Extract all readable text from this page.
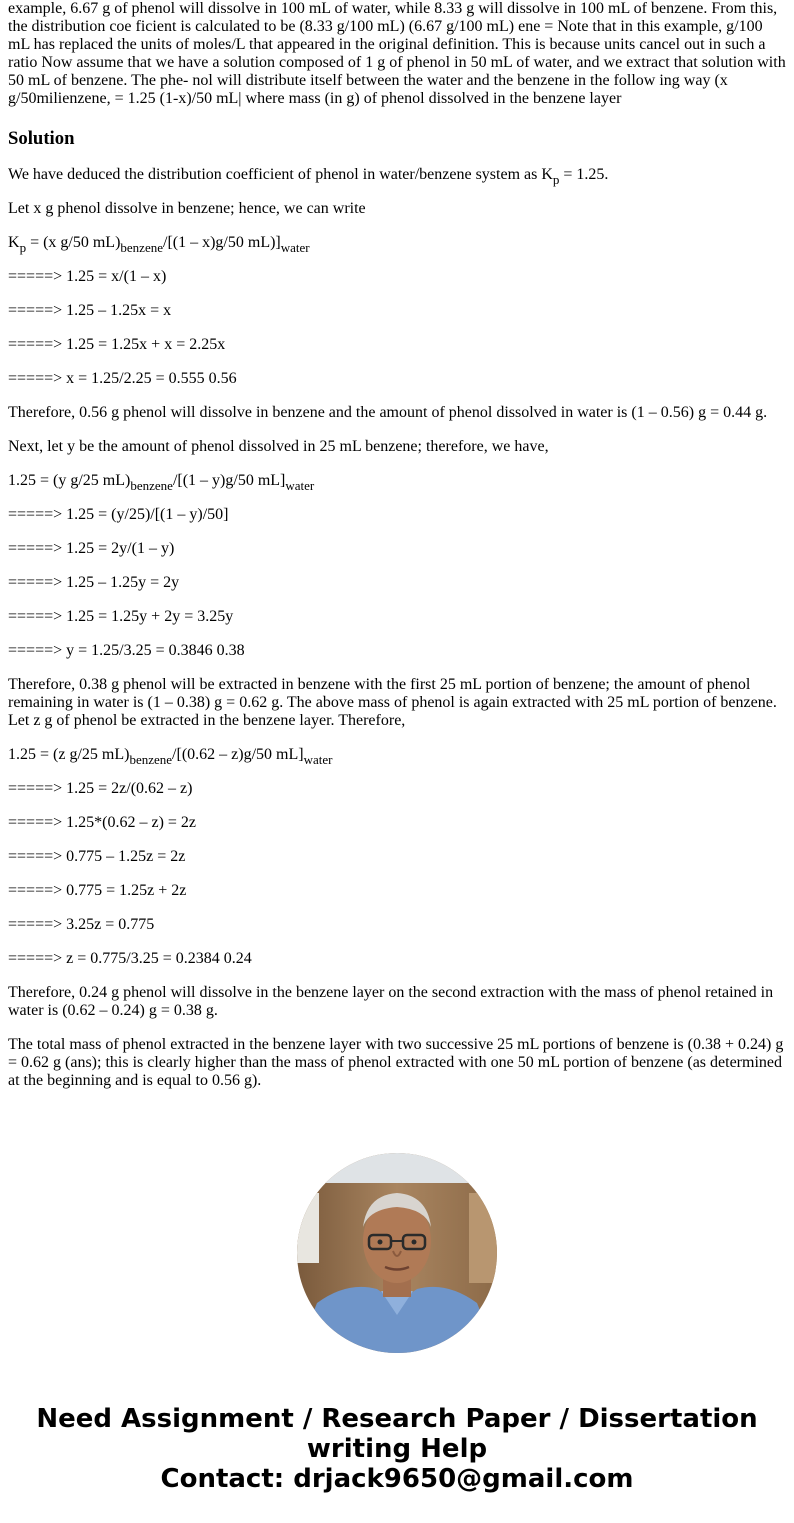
example, 6.67 g of phenol will dissolve in 100 mL of water, while 8.33 g will dissolve in 100 mL of benzene. From this, the distribution coe ficient is calculated to be (8.33 g/100 mL) (6.67 g/100 mL) ene = Note that in this example, g/100 mL has replaced the units of moles/L that appeared in the original definition. This is because units cancel out in such a ratio Now assume that we have a solution composed of 1 g of phenol in 50 mL of water, and we extract that solution with 50 mL of benzene. The phe- nol will distribute itself between the water and the benzene in the follow ing way (x g/50milienzene, = 1.25 (1-x)/50 mL| where mass (in g) of phenol dissolved in the benzene layer

Solution

We have deduced the distribution coefficient of phenol in water/benzene system as $K_p = 1.25$.

Let x g phenol dissolve in benzene; hence, we can write

$K_p = (x$ g/50 $mL)_{benzene}/[(1 - x)g/50$ $mL)]_{water}$

=====> 1.25 = x/(1 – x)

=====> 1.25 – 1.25x = x

=====> 1.25 = 1.25x + x = 2.25x

=====> x = 1.25/2.25 = 0.555 0.56

Therefore, 0.56 g phenol will dissolve in benzene and the amount of phenol dissolved in water is (1 – 0.56) g = 0.44 g.

Next, let y be the amount of phenol dissolved in 25 mL benzene; therefore, we have,

1.25 = (y g/25 $mL)_{benzene}/[(1 - y)g/50$ $mL]_{water}$

=====> 1.25 = (y/25)/[(1 – y)/50]

=====> 1.25 = 2y/(1 – y)

=====> 1.25 – 1.25y = 2y

=====> 1.25 = 1.25y + 2y = 3.25y

=====> y = 1.25/3.25 = 0.3846 0.38

Therefore, 0.38 g phenol will be extracted in benzene with the first 25 mL portion of benzene; the amount of phenol remaining in water is (1 – 0.38) g = 0.62 g. The above mass of phenol is again extracted with 25 mL portion of benzene. Let z g of phenol be extracted in the benzene layer. Therefore,

1.25 = (z g/25 $mL)_{benzene}/[(0.62 - z)g/50$ $mL]_{water}$

=====> 1.25 = 2z/(0.62 – z)

=====> 1.25*(0.62 – z) = 2z

=====> 0.775 – 1.25z = 2z

=====> 0.775 = 1.25z + 2z

=====> 3.25z = 0.775

=====> z = 0.775/3.25 = 0.2384 0.24

Therefore, 0.24 g phenol will dissolve in the benzene layer on the second extraction with the mass of phenol retained in water is (0.62 – 0.24) g = 0.38 g.

The total mass of phenol extracted in the benzene layer with two successive 25 mL portions of benzene is (0.38 + 0.24) g = 0.62 g (ans); this is clearly higher than the mass of phenol extracted with one 50 mL portion of benzene (as determined at the beginning and is equal to 0.56 g).

Need Assignment / Research Paper / Dissertation
writing Help
Contact: drjack9650@gmail.com
